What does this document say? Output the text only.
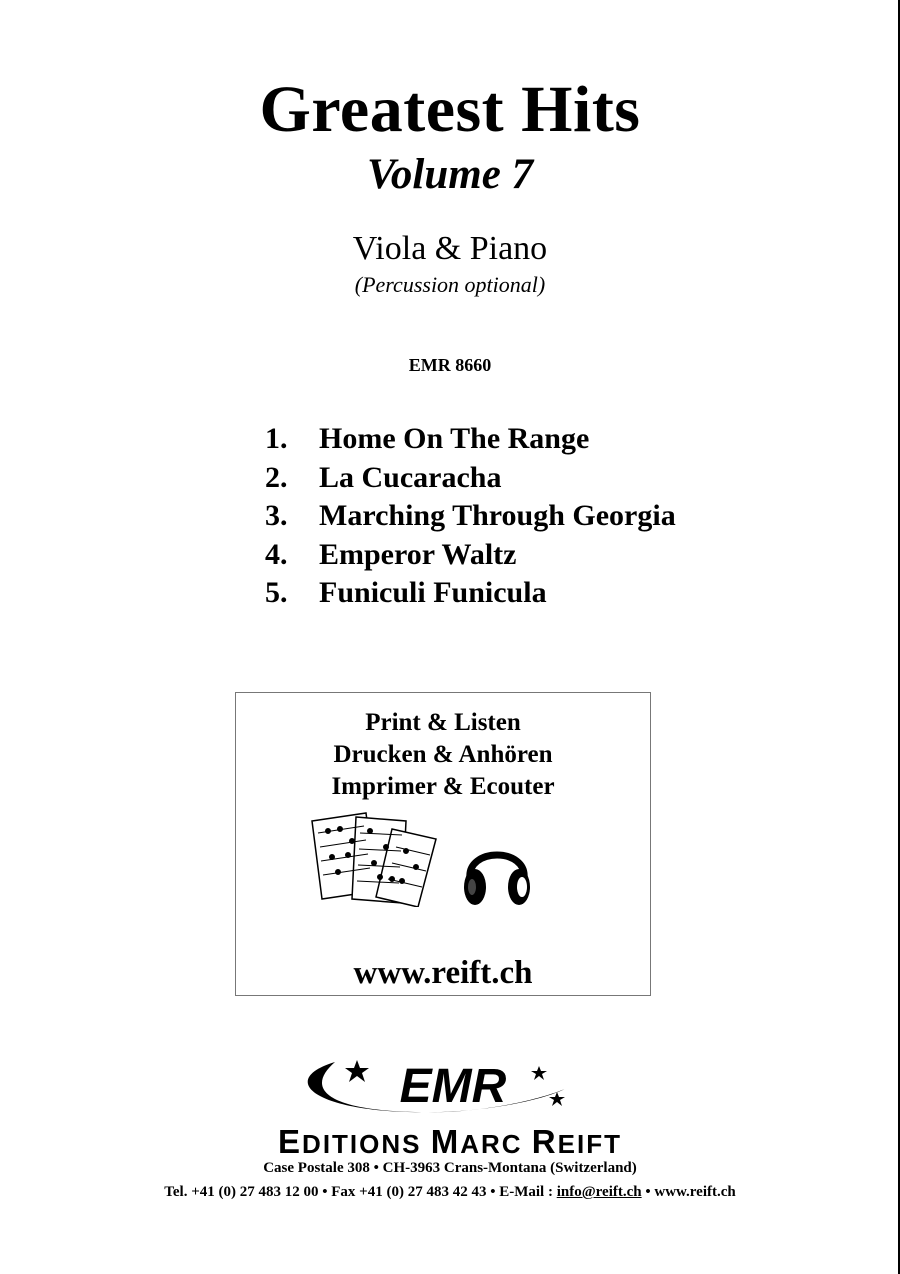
Greatest Hits
Volume 7
Viola & Piano
(Percussion optional)
EMR 8660
1.	Home On The Range
2.	La Cucaracha
3.	Marching Through Georgia
4.	Emperor Waltz
5.	Funiculi Funicula
Print & Listen
Drucken & Anhören
Imprimer & Ecouter
www.reift.ch
EMR
EDITIONS MARC REIFT
Case Postale 308 • CH-3963 Crans-Montana (Switzerland)
Tel. +41 (0) 27 483 12 00 • Fax +41 (0) 27 483 42 43 • E-Mail : info@reift.ch • www.reift.ch
